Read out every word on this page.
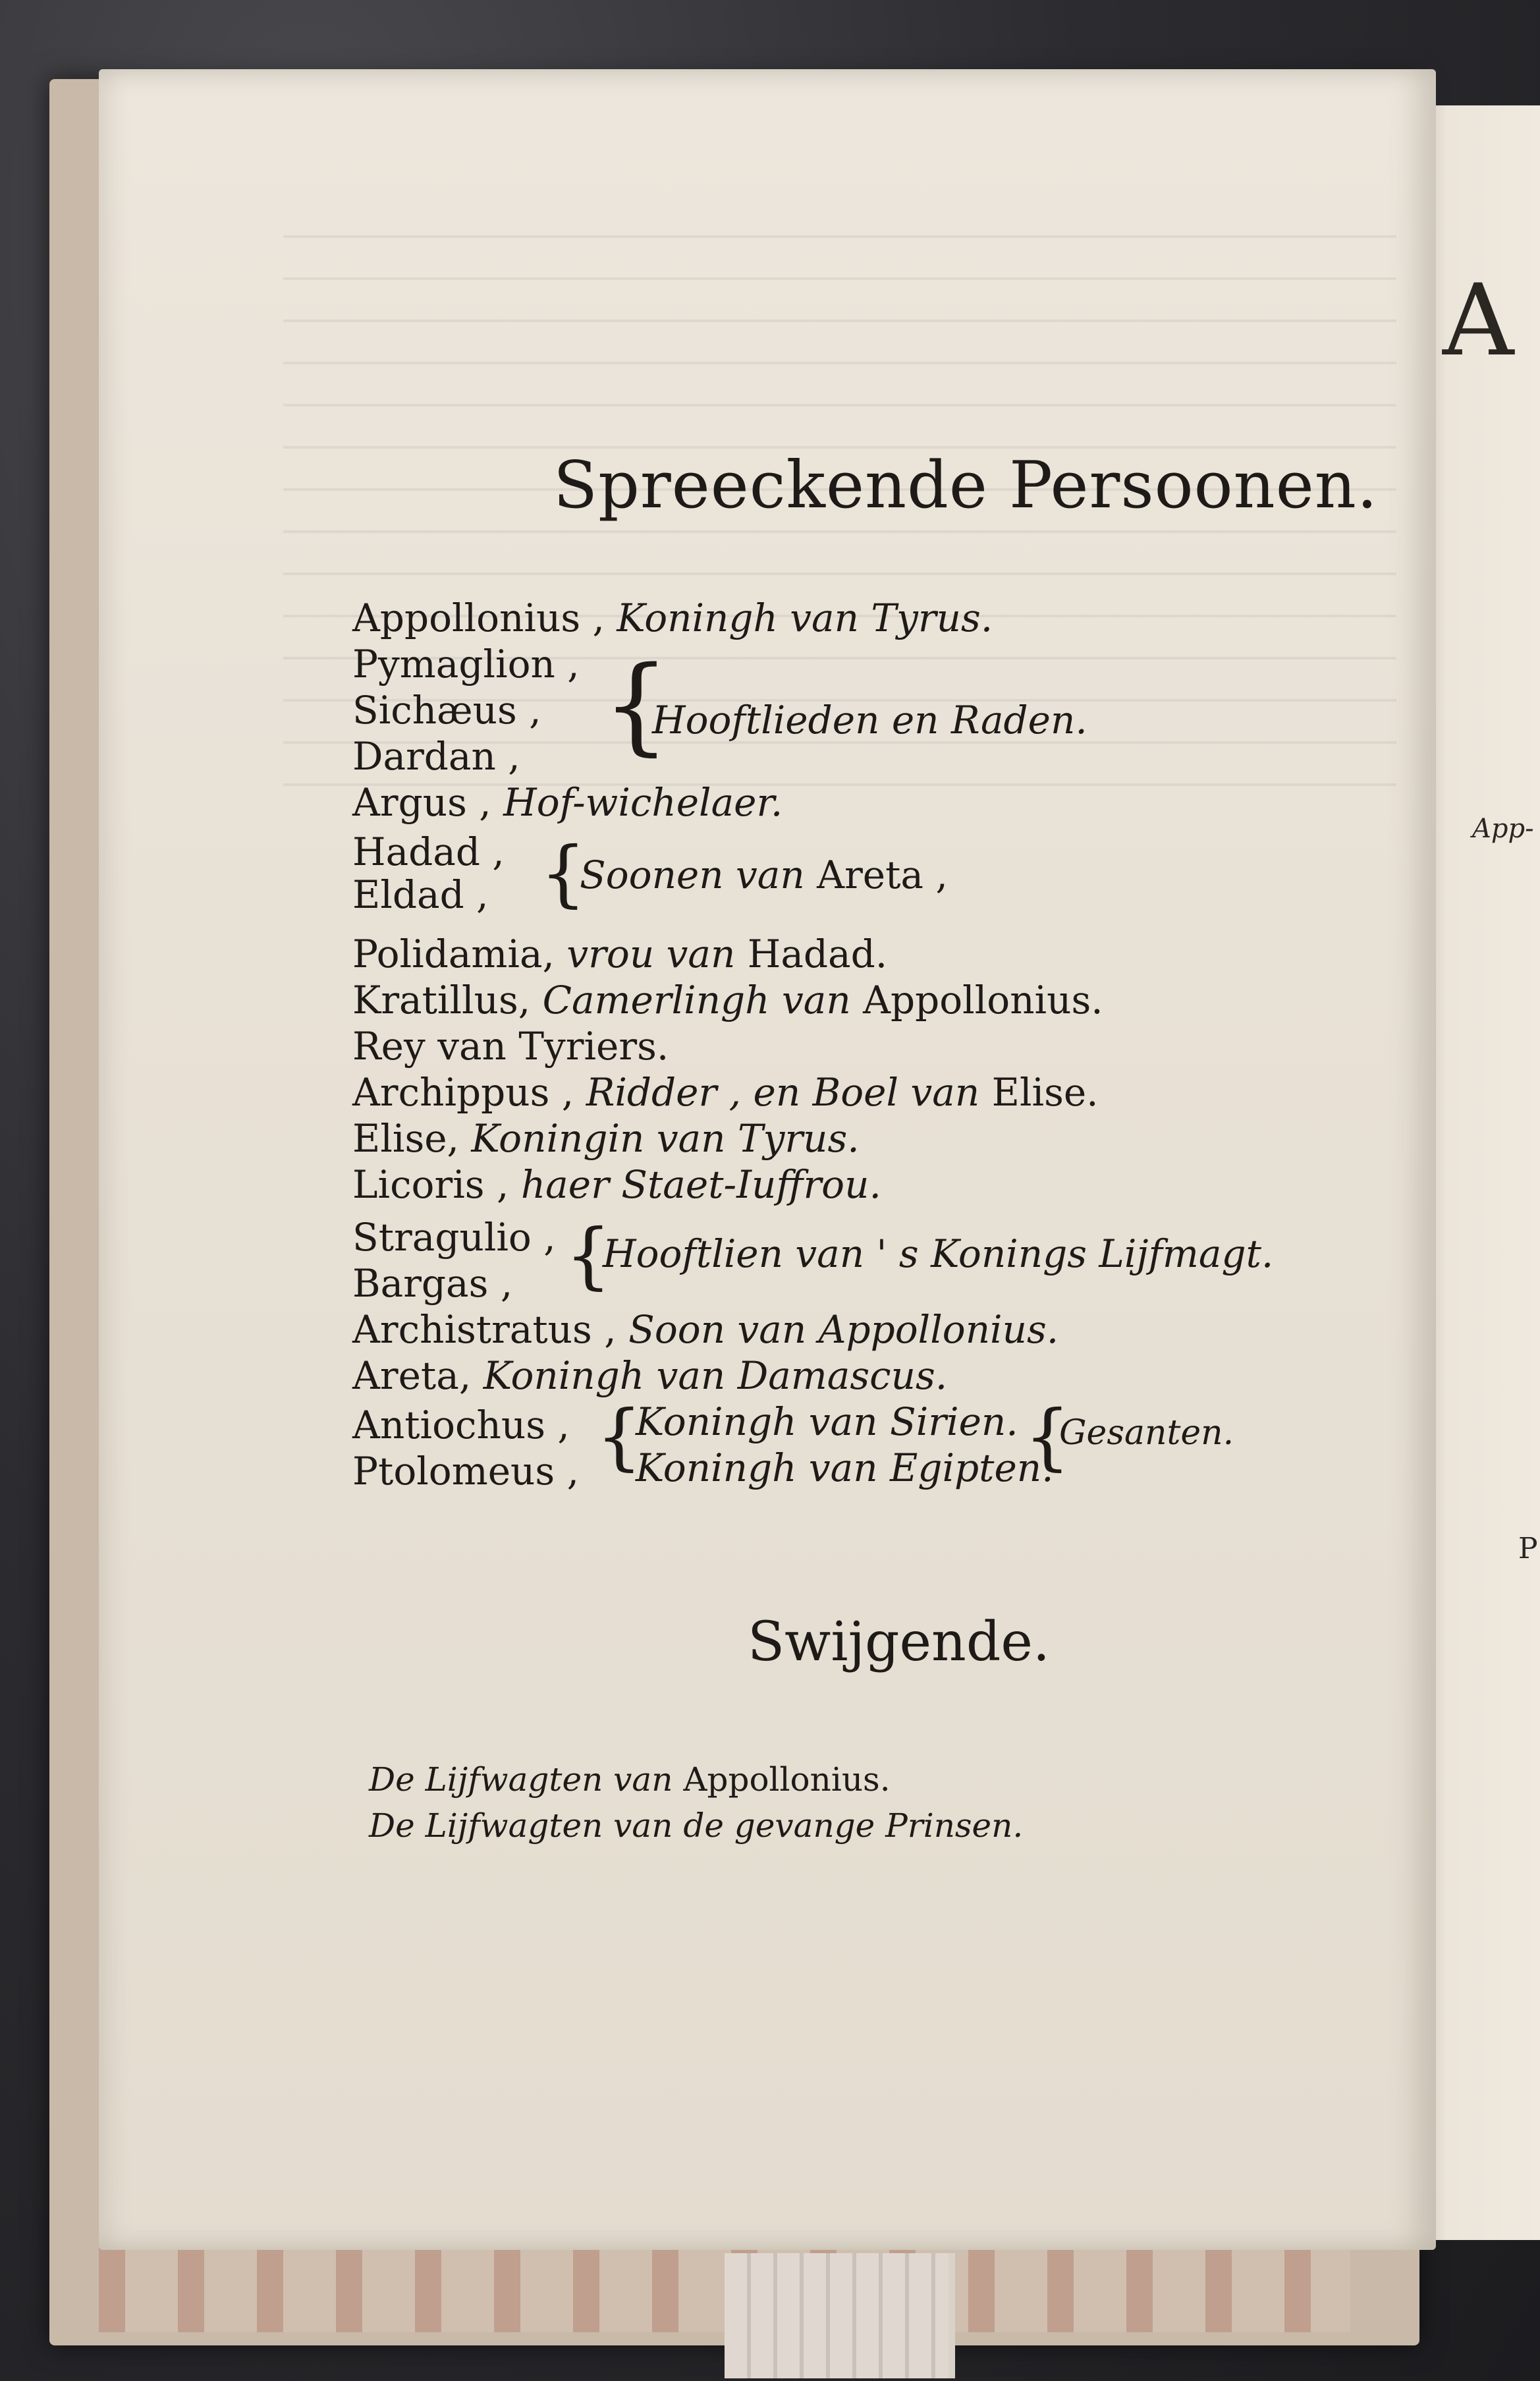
A
App-
P
Spreeckende Persoonen.
Appollonius , Koningh van Tyrus.
Pymaglion ,
Sichæus ,
Dardan , {
Hooftlieden en Raden.
Argus , Hof-wichelaer.
Hadad ,
Eldad , {
Soonen van Areta ,
Polidamia, vrou van Hadad.
Kratillus, Camerlingh van Appollonius.
Rey van Tyriers.
Archippus , Ridder , en Boel van Elise.
Elise, Koningin van Tyrus.
Licoris , haer Staet-Iuffrou.
Stragulio ,
Bargas , {
Hooftlien van ' s Konings Lijfmagt.
Archistratus , Soon van Appollonius.
Areta, Koningh van Damascus.
Antiochus ,
Ptolomeus , {
Koningh van Sirien.
Koningh van Egipten.
{
Gesanten.
Swijgende.
De Lijfwagten van Appollonius.
De Lijfwagten van de gevange Prinsen.
